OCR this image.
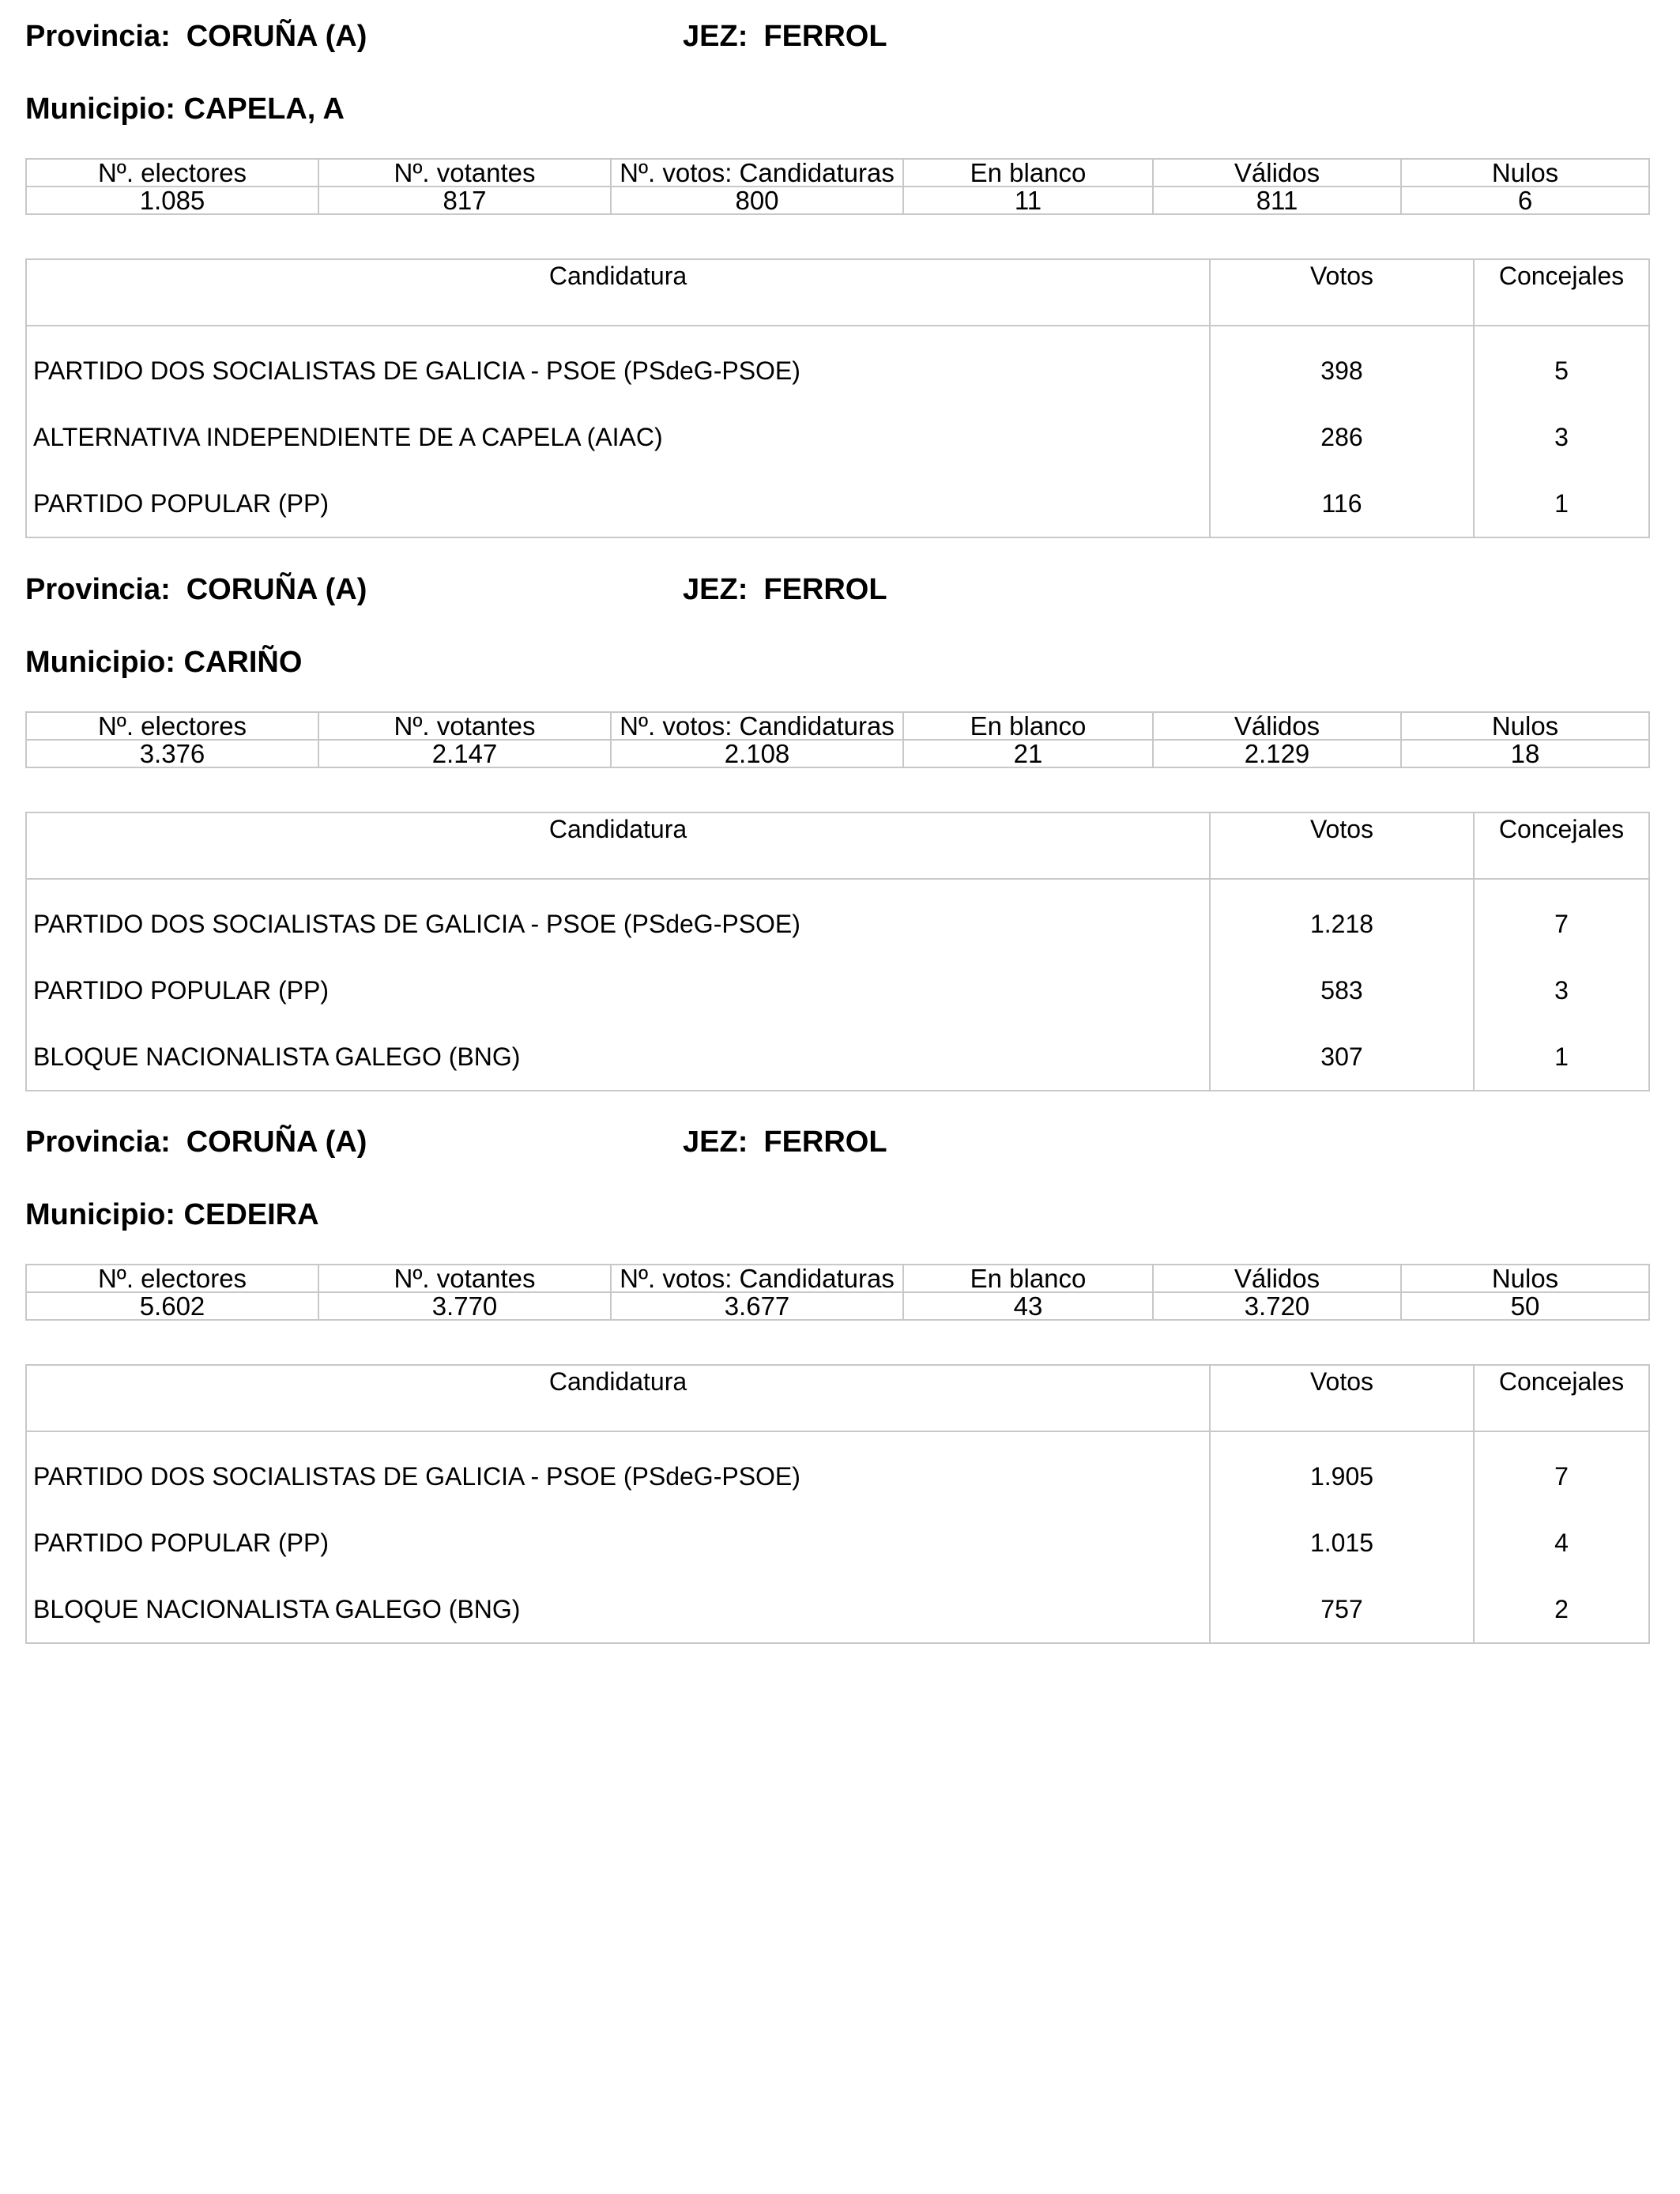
Provincia: CORUÑA (A)	JEZ: FERROL
Municipio: CAPELA, A
Nº. electores	Nº. votantes	Nº. votos: Candidaturas	En blanco	Válidos	Nulos
1.085	817	800	11	811	6
Candidatura	Votos	Concejales
PARTIDO DOS SOCIALISTAS DE GALICIA - PSOE (PSdeG-PSOE)	398	5
ALTERNATIVA INDEPENDIENTE DE A CAPELA (AIAC)	286	3
PARTIDO POPULAR (PP)	116	1
Provincia: CORUÑA (A)	JEZ: FERROL
Municipio: CARIÑO
Nº. electores	Nº. votantes	Nº. votos: Candidaturas	En blanco	Válidos	Nulos
3.376	2.147	2.108	21	2.129	18
Candidatura	Votos	Concejales
PARTIDO DOS SOCIALISTAS DE GALICIA - PSOE (PSdeG-PSOE)	1.218	7
PARTIDO POPULAR (PP)	583	3
BLOQUE NACIONALISTA GALEGO (BNG)	307	1
Provincia: CORUÑA (A)	JEZ: FERROL
Municipio: CEDEIRA
Nº. electores	Nº. votantes	Nº. votos: Candidaturas	En blanco	Válidos	Nulos
5.602	3.770	3.677	43	3.720	50
Candidatura	Votos	Concejales
PARTIDO DOS SOCIALISTAS DE GALICIA - PSOE (PSdeG-PSOE)	1.905	7
PARTIDO POPULAR (PP)	1.015	4
BLOQUE NACIONALISTA GALEGO (BNG)	757	2
